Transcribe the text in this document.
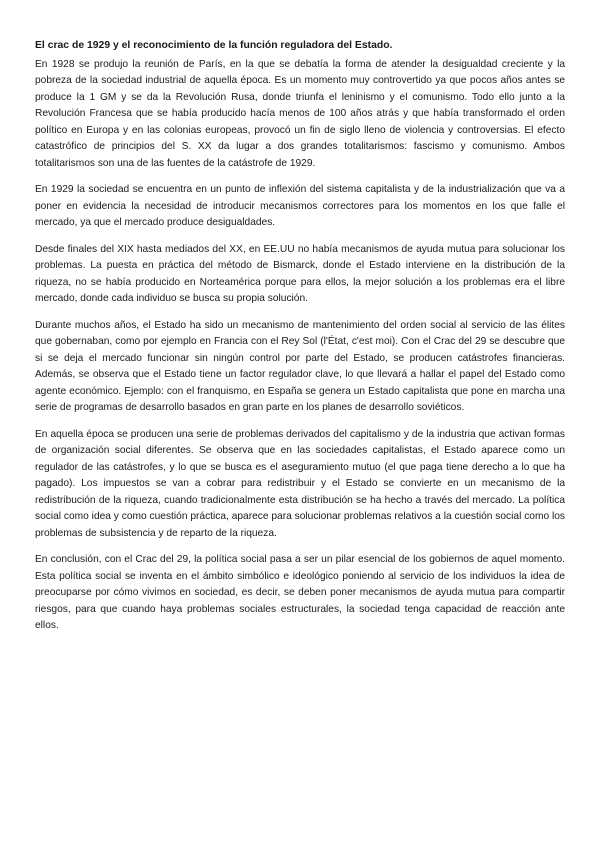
El crac de 1929 y el reconocimiento de la función reguladora del Estado.

En 1928 se produjo la reunión de París, en la que se debatía la forma de atender la desigualdad creciente y la pobreza de la sociedad industrial de aquella época. Es un momento muy controvertido ya que pocos años antes se produce la 1 GM y se da la Revolución Rusa, donde triunfa el leninismo y el comunismo. Todo ello junto a la Revolución Francesa que se había producido hacía menos de 100 años atrás y que había transformado el orden político en Europa y en las colonias europeas, provocó un fin de siglo lleno de violencia y controversias. El efecto catastrófico de principios del S. XX da lugar a dos grandes totalitarismos: fascismo y comunismo. Ambos totalitarismos son una de las fuentes de la catástrofe de 1929.

En 1929 la sociedad se encuentra en un punto de inflexión del sistema capitalista y de la industrialización que va a poner en evidencia la necesidad de introducir mecanismos correctores para los momentos en los que falle el mercado, ya que el mercado produce desigualdades.

Desde finales del XIX hasta mediados del XX, en EE.UU no había mecanismos de ayuda mutua para solucionar los problemas. La puesta en práctica del método de Bismarck, donde el Estado interviene en la distribución de la riqueza, no se había producido en Norteamérica porque para ellos, la mejor solución a los problemas era el libre mercado, donde cada individuo se busca su propia solución.

Durante muchos años, el Estado ha sido un mecanismo de mantenimiento del orden social al servicio de las élites que gobernaban, como por ejemplo en Francia con el Rey Sol (l'État, c'est moi). Con el Crac del 29 se descubre que si se deja el mercado funcionar sin ningún control por parte del Estado, se producen catástrofes financieras. Además, se observa que el Estado tiene un factor regulador clave, lo que llevará a hallar el papel del Estado como agente económico. Ejemplo: con el franquismo, en España se genera un Estado capitalista que pone en marcha una serie de programas de desarrollo basados en gran parte en los planes de desarrollo soviéticos.

En aquella época se producen una serie de problemas derivados del capitalismo y de la industria que activan formas de organización social diferentes. Se observa que en las sociedades capitalistas, el Estado aparece como un regulador de las catástrofes, y lo que se busca es el aseguramiento mutuo (el que paga tiene derecho a lo que ha pagado). Los impuestos se van a cobrar para redistribuir y el Estado se convierte en un mecanismo de la redistribución de la riqueza, cuando tradicionalmente esta distribución se ha hecho a través del mercado. La política social como idea y como cuestión práctica, aparece para solucionar problemas relativos a la cuestión social como los problemas de subsistencia y de reparto de la riqueza.

En conclusión, con el Crac del 29, la política social pasa a ser un pilar esencial de los gobiernos de aquel momento. Esta política social se inventa en el ámbito simbólico e ideológico poniendo al servicio de los individuos la idea de preocuparse por cómo vivimos en sociedad, es decir, se deben poner mecanismos de ayuda mutua para compartir riesgos, para que cuando haya problemas sociales estructurales, la sociedad tenga capacidad de reacción ante ellos.
